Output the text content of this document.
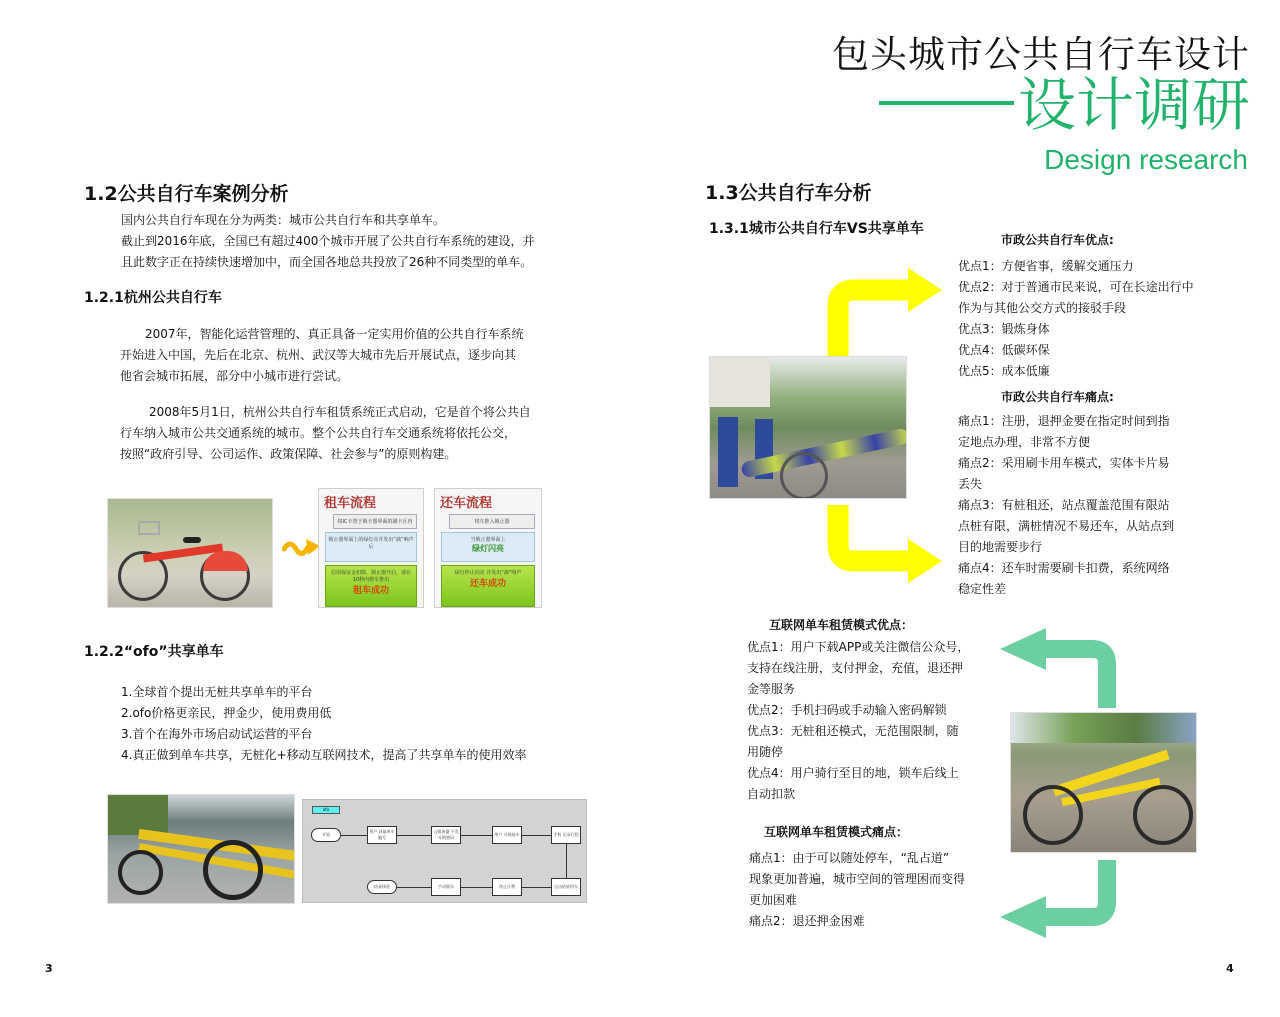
包头城市公共自行车设计
设计调研
Design research
1.2公共自行车案例分析

国内公共自行车现在分为两类：城市公共自行车和共享单车。

截止到2016年底，全国已有超过400个城市开展了公共自行车系统的建设，并

且此数字正在持续快速增加中，而全国各地总共投放了26种不同类型的单车。

1.2.1杭州公共自行车

2007年，智能化运营管理的、真正具备一定实用价值的公共自行车系统

开始进入中国，先后在北京、杭州、武汉等大城市先后开展试点，逐步向其

他省会城市拓展，部分中小城市进行尝试。

2008年5月1日，杭州公共自行车租赁系统正式启动，它是首个将公共自

行车纳入城市公共交通系统的城市。整个公共自行车交通系统将依托公交，

按照“政府引导、公司运作、政策保障、社会参与”的原则构建。

租车流程
将IC卡置于锁卡器界面的刷卡区内
锁止器界面上的绿灯亮并发出“滴”响声后
信用保证金扣除，锁止器开启，请在10秒内将车推出
租车成功
还车流程
将车推入锁止器
当锁止器界面上
绿灯闪亮
绿灯停止闪亮 并发出“滴”响声
还车成功
1.2.2“ofo”共享单车

1.全球首个提出无桩共享单车的平台

2.ofo价格更亲民，押金少，使用费用低

3.首个在海外市场启动试运营的平台

4.真正做到单车共享，无桩化+移动互联网技术，提高了共享单车的使用效率

ofo
开始
用户 获取单车编号
云服务器 下发开锁密码
用户 开锁骑车	手机 记录行程
结束体验	手动锁车	停止计费	点击结束用车
3
1.3公共自行车分析
1.3.1城市公共自行车VS共享单车
市政公共自行车优点:

优点1：方便省事，缓解交通压力

优点2：对于普通市民来说，可在长途出行中

作为与其他公交方式的接驳手段

优点3：锻炼身体

优点4：低碳环保

优点5：成本低廉

市政公共自行车痛点:

痛点1：注册，退押金要在指定时间到指

定地点办理，非常不方便

痛点2：采用刷卡用车模式，实体卡片易

丢失

痛点3：有桩租还，站点覆盖范围有限站

点桩有限，满桩情况不易还车，从站点到

目的地需要步行

痛点4：还车时需要刷卡扣费，系统网络

稳定性差

互联网单车租赁模式优点：

优点1：用户下载APP或关注微信公众号，

支持在线注册，支付押金，充值，退还押

金等服务

优点2：手机扫码或手动输入密码解锁

优点3：无桩租还模式，无范围限制，随

用随停

优点4：用户骑行至目的地，锁车后线上

自动扣款

互联网单车租赁模式痛点：

痛点1：由于可以随处停车，“乱占道”

现象更加普遍，城市空间的管理困而变得

更加困难

痛点2：退还押金困难

4
